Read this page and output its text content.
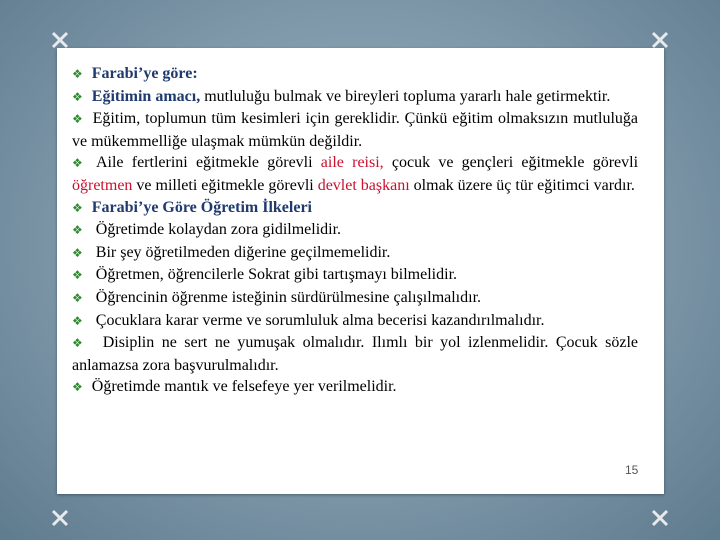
❖ Farabi’ye göre:

❖ Eğitimin amacı, mutluluğu bulmak ve bireyleri topluma yararlı hale getirmektir.

❖ Eğitim, toplumun tüm kesimleri için gereklidir. Çünkü eğitim olmaksızın mutluluğa ve mükemmelliğe ulaşmak mümkün değildir.

❖ Aile fertlerini eğitmekle görevli aile reisi, çocuk ve gençleri eğitmekle görevli öğretmen ve milleti eğitmekle görevli devlet başkanı olmak üzere üç tür eğitimci vardır.

❖ Farabi’ye Göre Öğretim İlkeleri

❖ Öğretimde kolaydan zora gidilmelidir.

❖ Bir şey öğretilmeden diğerine geçilmemelidir.

❖ Öğretmen, öğrencilerle Sokrat gibi tartışmayı bilmelidir.

❖ Öğrencinin öğrenme isteğinin sürdürülmesine çalışılmalıdır.

❖ Çocuklara karar verme ve sorumluluk alma becerisi kazandırılmalıdır.

❖ Disiplin ne sert ne yumuşak olmalıdır. Ilımlı bir yol izlenmelidir. Çocuk sözle anlamazsa zora başvurulmalıdır.

❖ Öğretimde mantık ve felsefeye yer verilmelidir.

15
